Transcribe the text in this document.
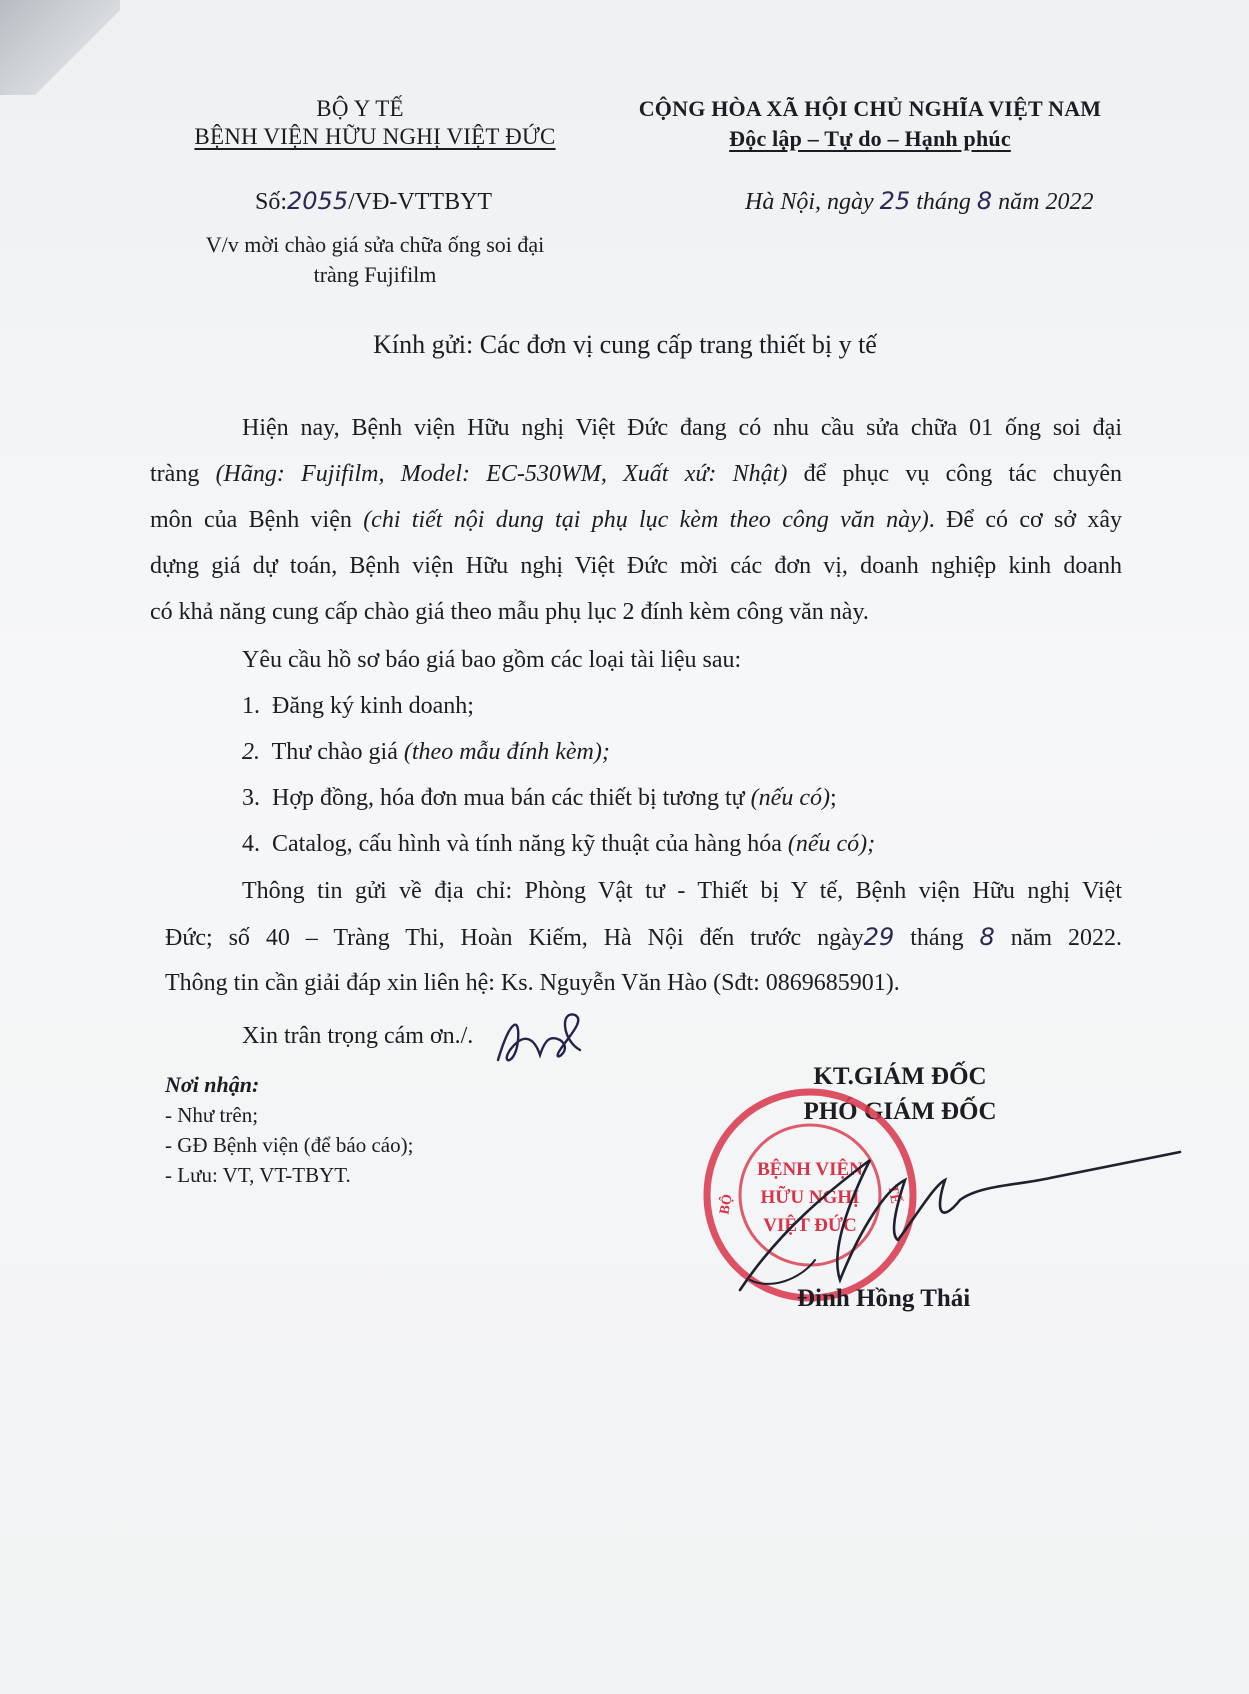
BỘ Y TẾ
BỆNH VIỆN HỮU NGHỊ VIỆT ĐỨC
CỘNG HÒA XÃ HỘI CHỦ NGHĨA VIỆT NAM
Độc lập – Tự do – Hạnh phúc
Số:2055/VĐ-VTTBYT	Hà Nội, ngày 25 tháng 8 năm 2022
V/v mời chào giá sửa chữa ống soi đại
tràng Fujifilm
Kính gửi: Các đơn vị cung cấp trang thiết bị y tế
Hiện nay, Bệnh viện Hữu nghị Việt Đức đang có nhu cầu sửa chữa 01 ống soi đại
tràng (Hãng: Fujifilm, Model: EC-530WM, Xuất xứ: Nhật) để phục vụ công tác chuyên
môn của Bệnh viện (chi tiết nội dung tại phụ lục kèm theo công văn này). Để có cơ sở xây
dựng giá dự toán, Bệnh viện Hữu nghị Việt Đức mời các đơn vị, doanh nghiệp kinh doanh
có khả năng cung cấp chào giá theo mẫu phụ lục 2 đính kèm công văn này.
Yêu cầu hồ sơ báo giá bao gồm các loại tài liệu sau:
1. Đăng ký kinh doanh;
2. Thư chào giá (theo mẫu đính kèm);
3. Hợp đồng, hóa đơn mua bán các thiết bị tương tự (nếu có);
4. Catalog, cấu hình và tính năng kỹ thuật của hàng hóa (nếu có);
Thông tin gửi về địa chỉ: Phòng Vật tư - Thiết bị Y tế, Bệnh viện Hữu nghị Việt
Đức; số 40 – Tràng Thi, Hoàn Kiếm, Hà Nội đến trước ngày29 tháng 8 năm 2022.
Thông tin cần giải đáp xin liên hệ: Ks. Nguyễn Văn Hào (Sđt: 0869685901).
Xin trân trọng cám ơn./.
Nơi nhận:
- Như trên;
- GĐ Bệnh viện (để báo cáo);
- Lưu: VT, VT-TBYT.
KT.GIÁM ĐỐC
PHÓ GIÁM ĐỐC
BỆNH VIỆN
HỮU NGHỊ
VIỆT ĐỨC
BỘ	TẾ
Đinh Hồng Thái
